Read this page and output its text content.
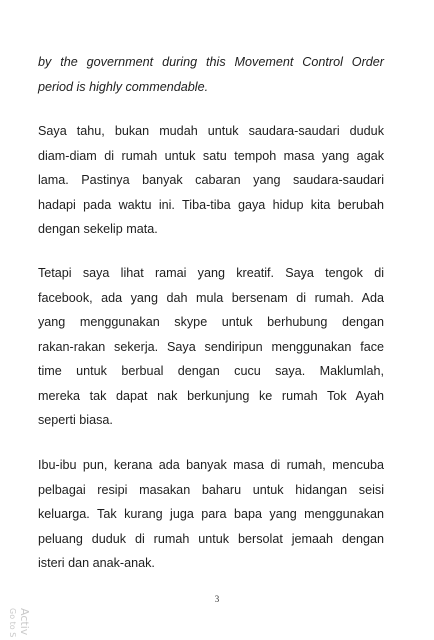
by the government during this Movement Control Order
period is highly commendable.
Saya tahu, bukan mudah untuk saudara-saudari duduk
diam-diam di rumah untuk satu tempoh masa yang agak
lama. Pastinya banyak cabaran yang saudara-saudari
hadapi pada waktu ini. Tiba-tiba gaya hidup kita berubah
dengan sekelip mata.
Tetapi saya lihat ramai yang kreatif. Saya tengok di
facebook, ada yang dah mula bersenam di rumah. Ada
yang menggunakan skype untuk berhubung dengan
rakan-rakan sekerja. Saya sendiripun menggunakan face
time untuk berbual dengan cucu saya. Maklumlah,
mereka tak dapat nak berkunjung ke rumah Tok Ayah
seperti biasa.
Ibu-ibu pun, kerana ada banyak masa di rumah, mencuba
pelbagai resipi masakan baharu untuk hidangan seisi
keluarga. Tak kurang juga para bapa yang menggunakan
peluang duduk di rumah untuk bersolat jemaah dengan
isteri dan anak-anak.
3
Activ
Go to S
